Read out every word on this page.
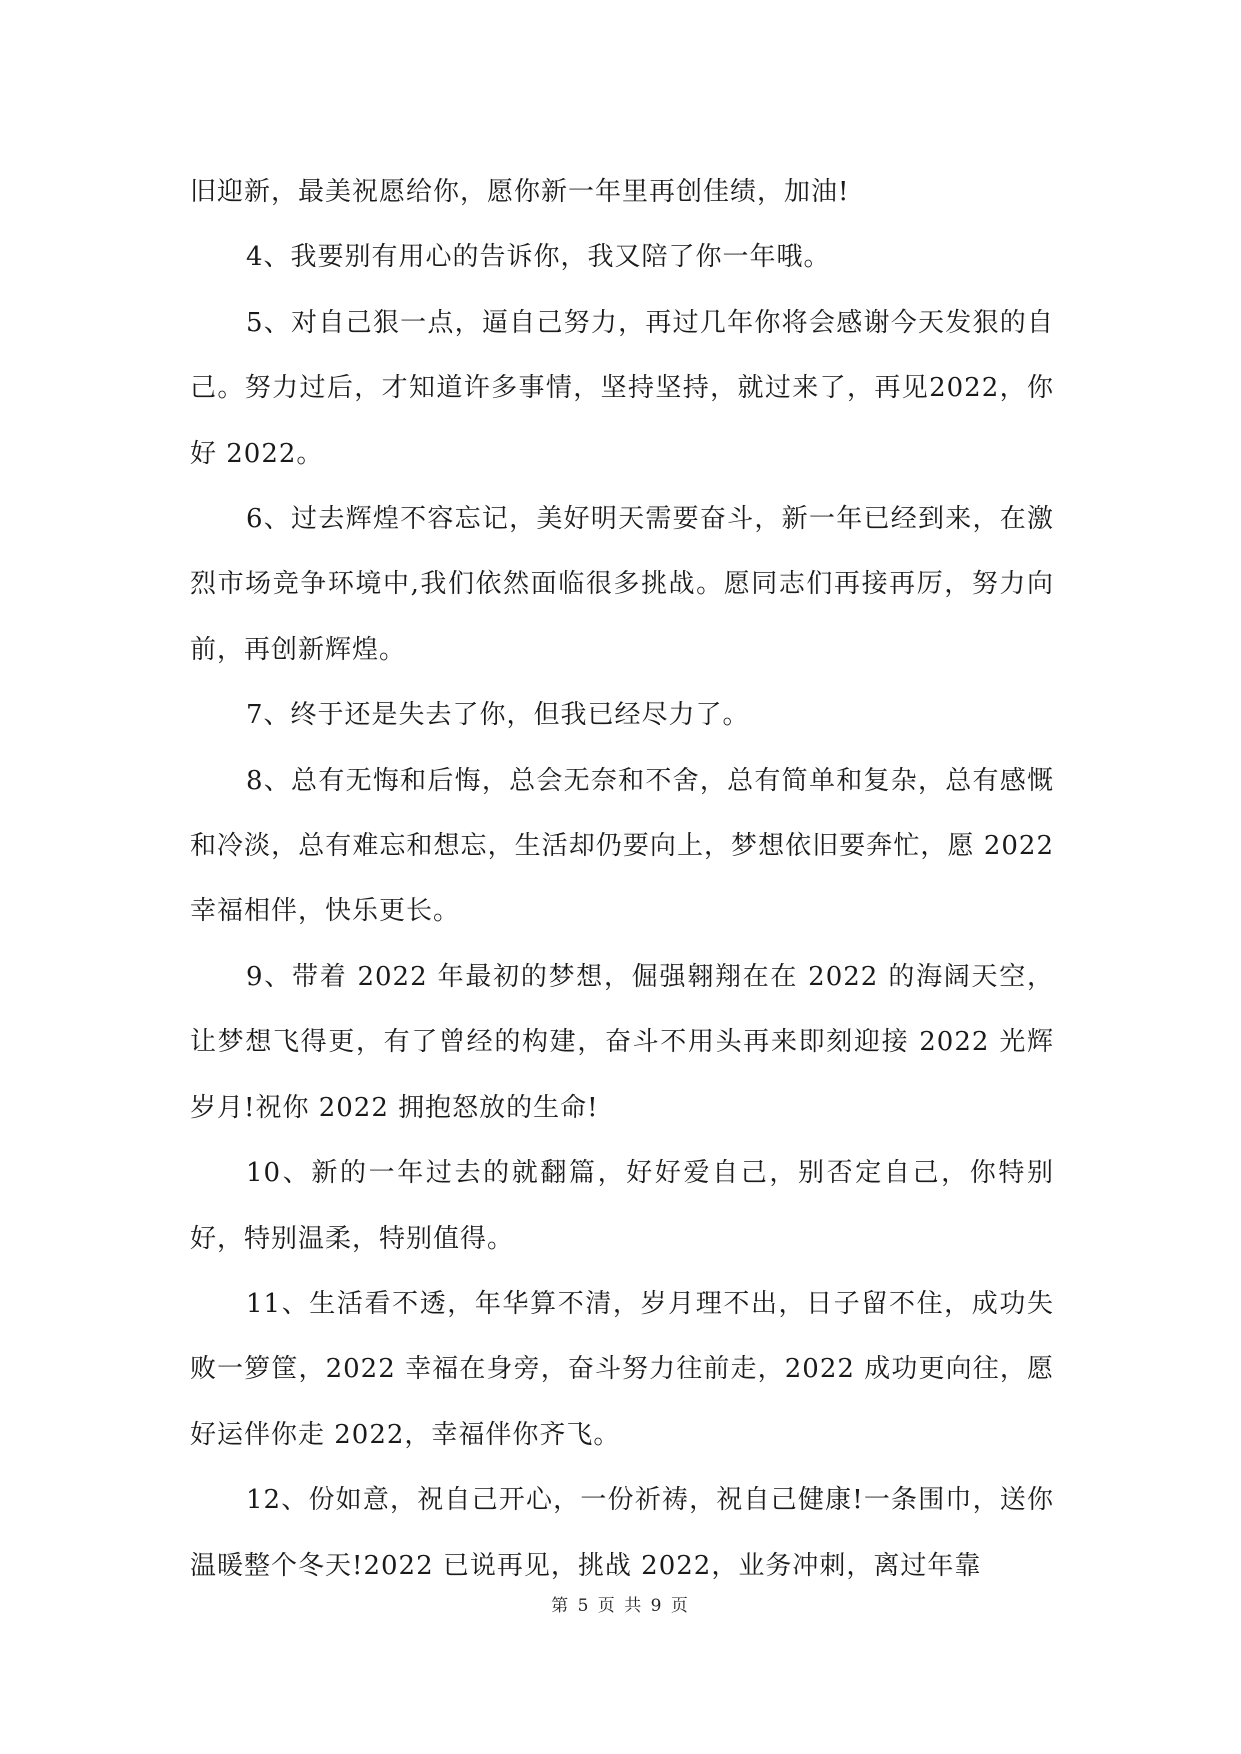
旧迎新，最美祝愿给你，愿你新一年里再创佳绩，加油!

4、我要别有用心的告诉你，我又陪了你一年哦。

5、对自己狠一点，逼自己努力，再过几年你将会感谢今天发狠的自己。努力过后，才知道许多事情，坚持坚持，就过来了，再见2022，你好 2022。

6、过去辉煌不容忘记，美好明天需要奋斗，新一年已经到来，在激烈市场竞争环境中,我们依然面临很多挑战。愿同志们再接再厉，努力向前，再创新辉煌。

7、终于还是失去了你，但我已经尽力了。

8、总有无悔和后悔，总会无奈和不舍，总有简单和复杂，总有感慨和冷淡，总有难忘和想忘，生活却仍要向上，梦想依旧要奔忙，愿 2022 幸福相伴，快乐更长。

9、带着 2022 年最初的梦想，倔强翱翔在在 2022 的海阔天空，让梦想飞得更，有了曾经的构建，奋斗不用头再来即刻迎接 2022 光辉岁月!祝你 2022 拥抱怒放的生命!

10、新的一年过去的就翻篇，好好爱自己，别否定自己，你特别好，特别温柔，特别值得。

11、生活看不透，年华算不清，岁月理不出，日子留不住，成功失败一箩筐，2022 幸福在身旁，奋斗努力往前走，2022 成功更向往，愿好运伴你走 2022，幸福伴你齐飞。

12、份如意，祝自己开心，一份祈祷，祝自己健康!一条围巾，送你温暖整个冬天!2022 已说再见，挑战 2022，业务冲刺，离过年靠

第 5 页 共 9 页
